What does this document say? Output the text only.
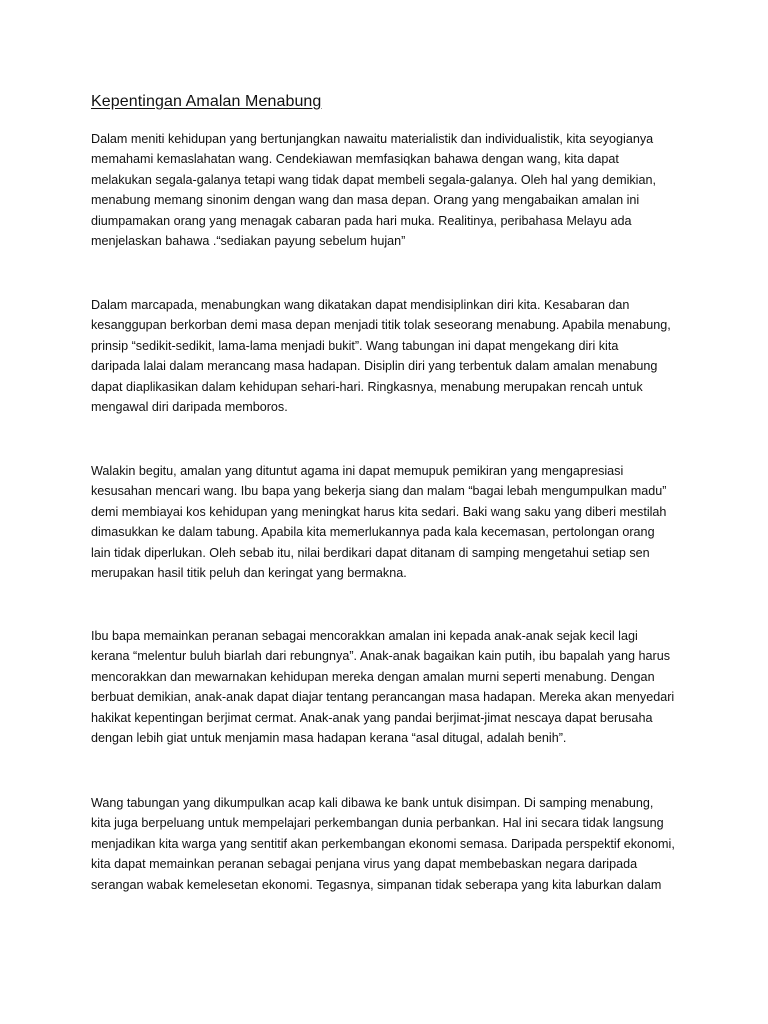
Kepentingan Amalan Menabung

Dalam meniti kehidupan yang bertunjangkan nawaitu materialistik dan individualistik, kita seyogianya
memahami kemaslahatan wang. Cendekiawan memfasiqkan bahawa dengan wang, kita dapat
melakukan segala-galanya tetapi wang tidak dapat membeli segala-galanya. Oleh hal yang demikian,
menabung memang sinonim dengan wang dan masa depan. Orang yang mengabaikan amalan ini
diumpamakan orang yang menagak cabaran pada hari muka. Realitinya, peribahasa Melayu ada
menjelaskan bahawa .“sediakan payung sebelum hujan”

Dalam marcapada, menabungkan wang dikatakan dapat mendisiplinkan diri kita. Kesabaran dan
kesanggupan berkorban demi masa depan menjadi titik tolak seseorang menabung. Apabila menabung,
prinsip “sedikit-sedikit, lama-lama menjadi bukit”. Wang tabungan ini dapat mengekang diri kita
daripada lalai dalam merancang masa hadapan. Disiplin diri yang terbentuk dalam amalan menabung
dapat diaplikasikan dalam kehidupan sehari-hari. Ringkasnya, menabung merupakan rencah untuk
mengawal diri daripada memboros.

Walakin begitu, amalan yang dituntut agama ini dapat memupuk pemikiran yang mengapresiasi
kesusahan mencari wang. Ibu bapa yang bekerja siang dan malam “bagai lebah mengumpulkan madu”
demi membiayai kos kehidupan yang meningkat harus kita sedari. Baki wang saku yang diberi mestilah
dimasukkan ke dalam tabung. Apabila kita memerlukannya pada kala kecemasan, pertolongan orang
lain tidak diperlukan. Oleh sebab itu, nilai berdikari dapat ditanam di samping mengetahui setiap sen
merupakan hasil titik peluh dan keringat yang bermakna.

Ibu bapa memainkan peranan sebagai mencorakkan amalan ini kepada anak-anak sejak kecil lagi
kerana “melentur buluh biarlah dari rebungnya”. Anak-anak bagaikan kain putih, ibu bapalah yang harus
mencorakkan dan mewarnakan kehidupan mereka dengan amalan murni seperti menabung. Dengan
berbuat demikian, anak-anak dapat diajar tentang perancangan masa hadapan. Mereka akan menyedari
hakikat kepentingan berjimat cermat. Anak-anak yang pandai berjimat-jimat nescaya dapat berusaha
dengan lebih giat untuk menjamin masa hadapan kerana “asal ditugal, adalah benih”.

Wang tabungan yang dikumpulkan acap kali dibawa ke bank untuk disimpan. Di samping menabung,
kita juga berpeluang untuk mempelajari perkembangan dunia perbankan. Hal ini secara tidak langsung
menjadikan kita warga yang sentitif akan perkembangan ekonomi semasa. Daripada perspektif ekonomi,
kita dapat memainkan peranan sebagai penjana virus yang dapat membebaskan negara daripada
serangan wabak kemelesetan ekonomi. Tegasnya, simpanan tidak seberapa yang kita laburkan dalam
